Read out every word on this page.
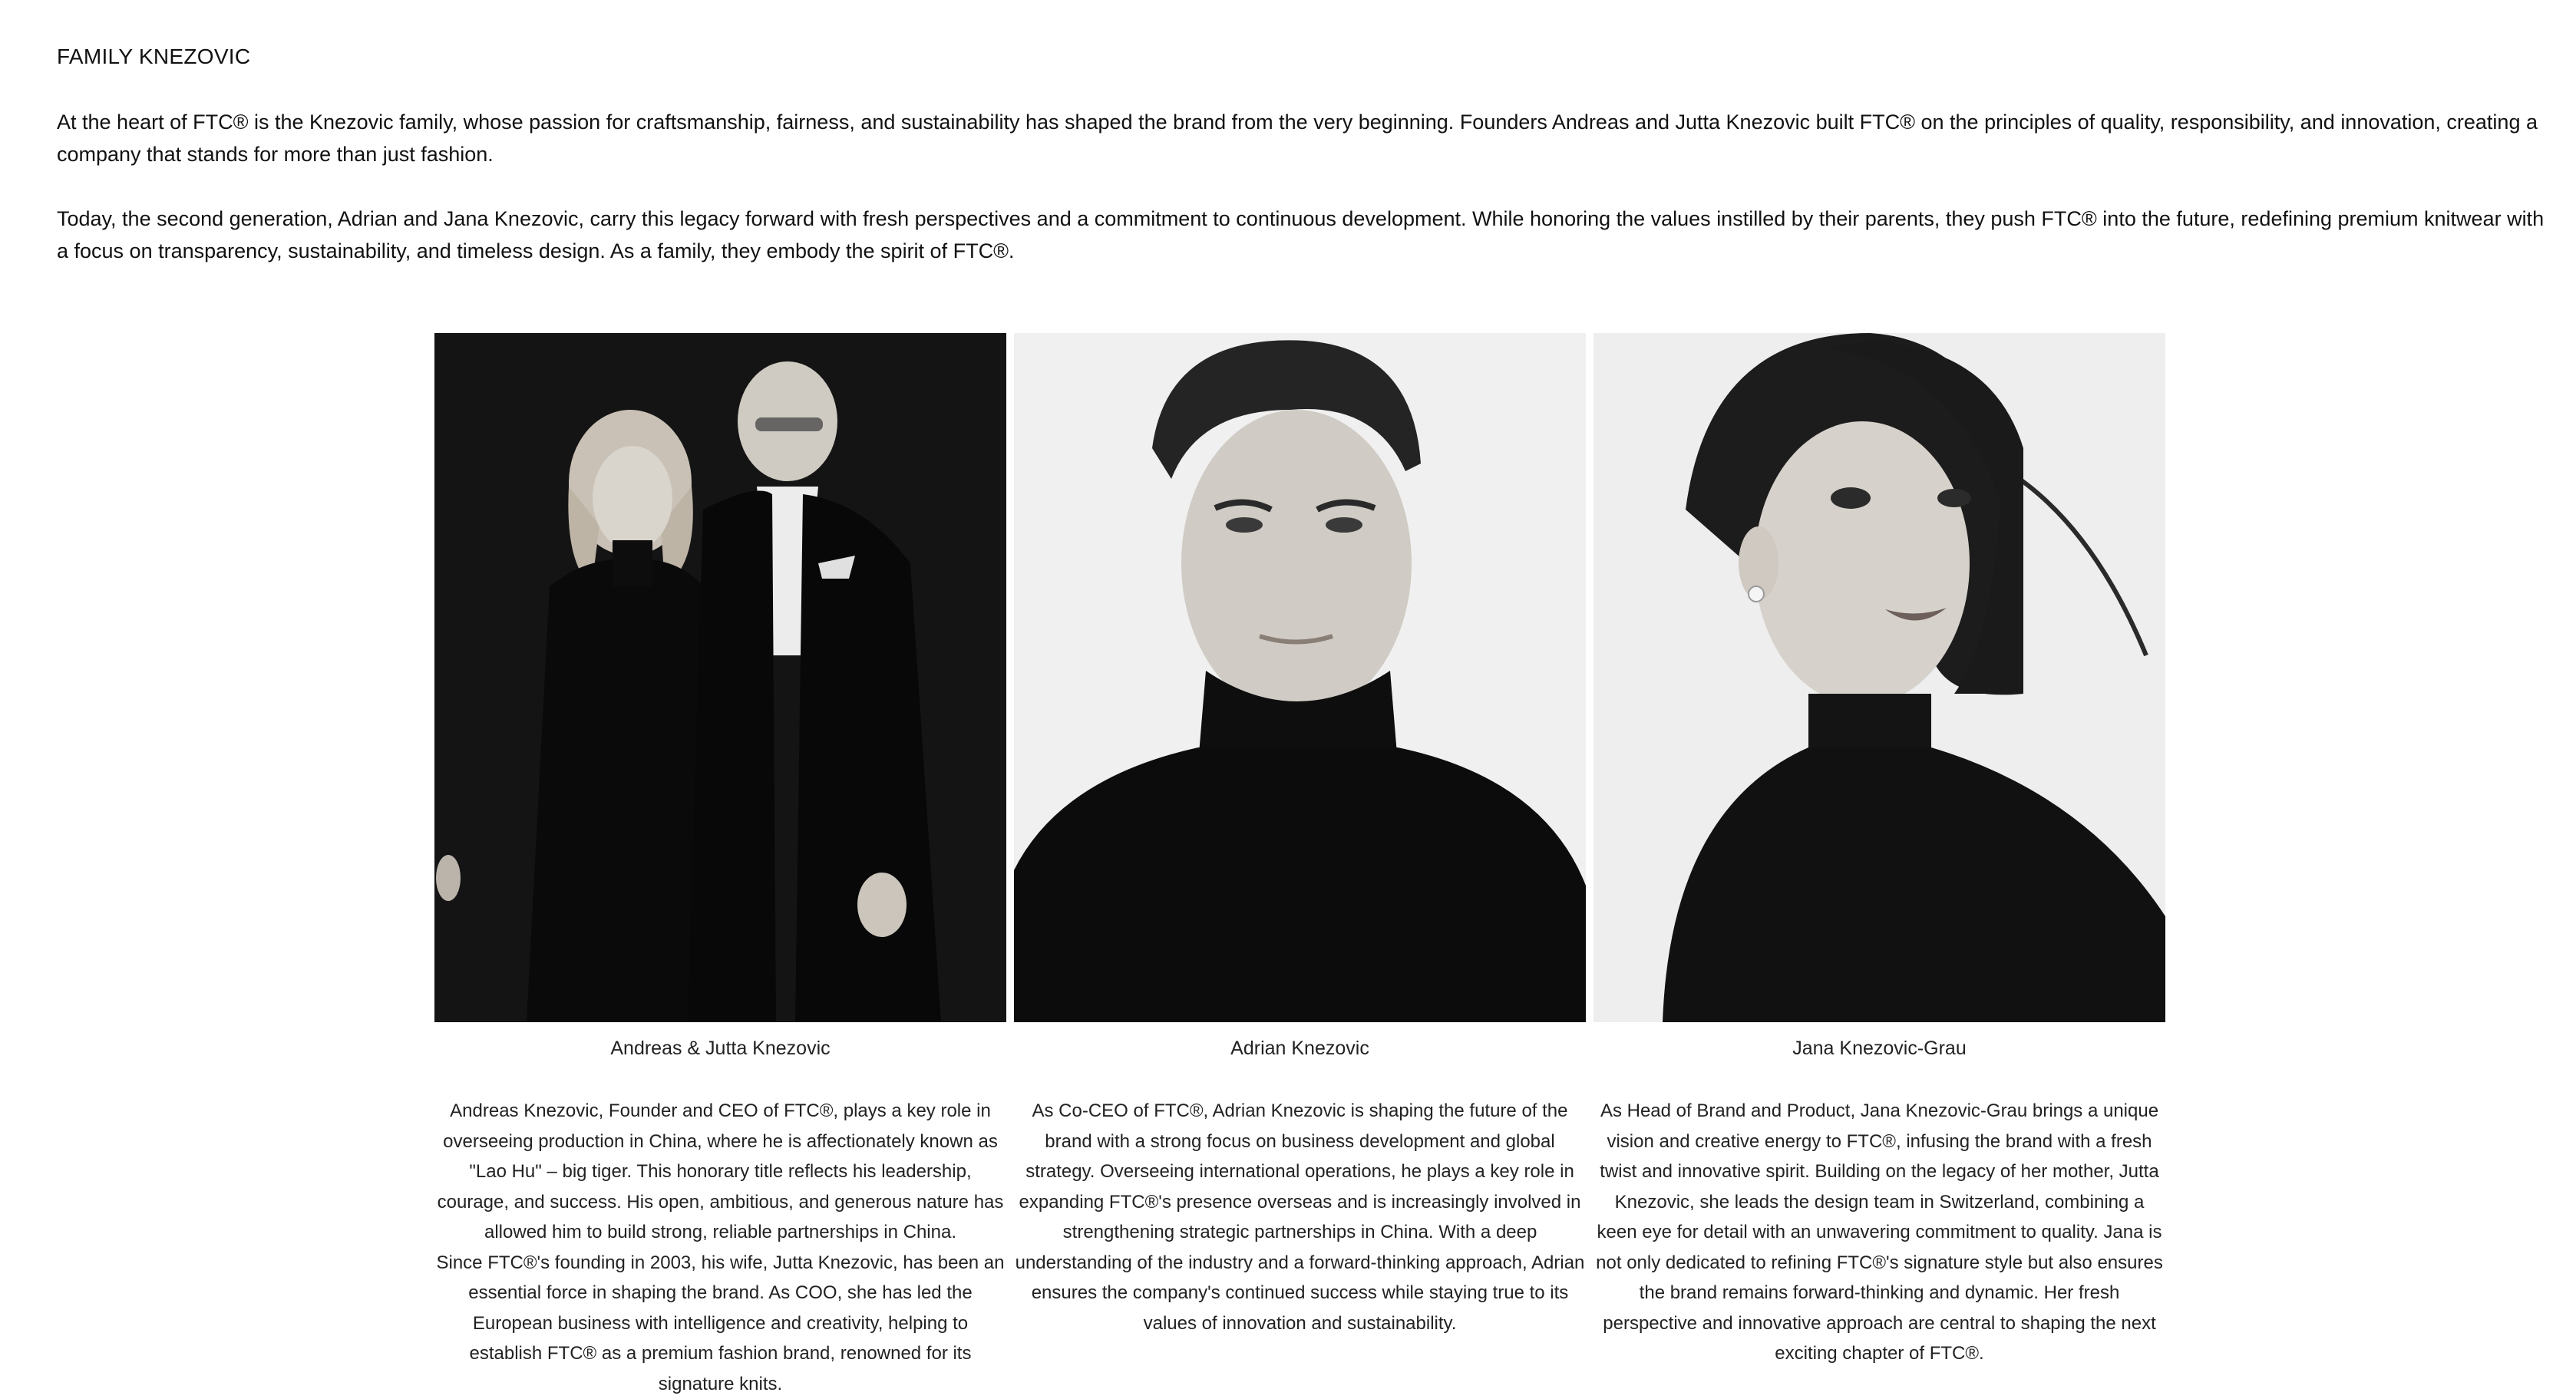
FAMILY KNEZOVIC

At the heart of FTC® is the Knezovic family, whose passion for craftsmanship, fairness, and sustainability has shaped the brand from the very beginning. Founders Andreas and Jutta Knezovic built FTC® on the principles of quality, responsibility, and innovation, creating a company that stands for more than just fashion.

Today, the second generation, Adrian and Jana Knezovic, carry this legacy forward with fresh perspectives and a commitment to continuous development. While honoring the values instilled by their parents, they push FTC® into the future, redefining premium knitwear with a focus on transparency, sustainability, and timeless design. As a family, they embody the spirit of FTC®.

Andreas & Jutta Knezovic
Andreas Knezovic, Founder and CEO of FTC®, plays a key role in overseeing production in China, where he is affectionately known as "Lao Hu" – big tiger. This honorary title reflects his leadership, courage, and success. His open, ambitious, and generous nature has allowed him to build strong, reliable partnerships in China.
Since FTC®'s founding in 2003, his wife, Jutta Knezovic, has been an essential force in shaping the brand. As COO, she has led the European business with intelligence and creativity, helping to establish FTC® as a premium fashion brand, renowned for its signature knits.
Adrian Knezovic
As Co-CEO of FTC®, Adrian Knezovic is shaping the future of the brand with a strong focus on business development and global strategy. Overseeing international operations, he plays a key role in expanding FTC®'s presence overseas and is increasingly involved in strengthening strategic partnerships in China. With a deep understanding of the industry and a forward-thinking approach, Adrian ensures the company's continued success while staying true to its values of innovation and sustainability.
Jana Knezovic-Grau
As Head of Brand and Product, Jana Knezovic-Grau brings a unique vision and creative energy to FTC®, infusing the brand with a fresh twist and innovative spirit. Building on the legacy of her mother, Jutta Knezovic, she leads the design team in Switzerland, combining a keen eye for detail with an unwavering commitment to quality. Jana is not only dedicated to refining FTC®'s signature style but also ensures the brand remains forward-thinking and dynamic. Her fresh perspective and innovative approach are central to shaping the next exciting chapter of FTC®.
